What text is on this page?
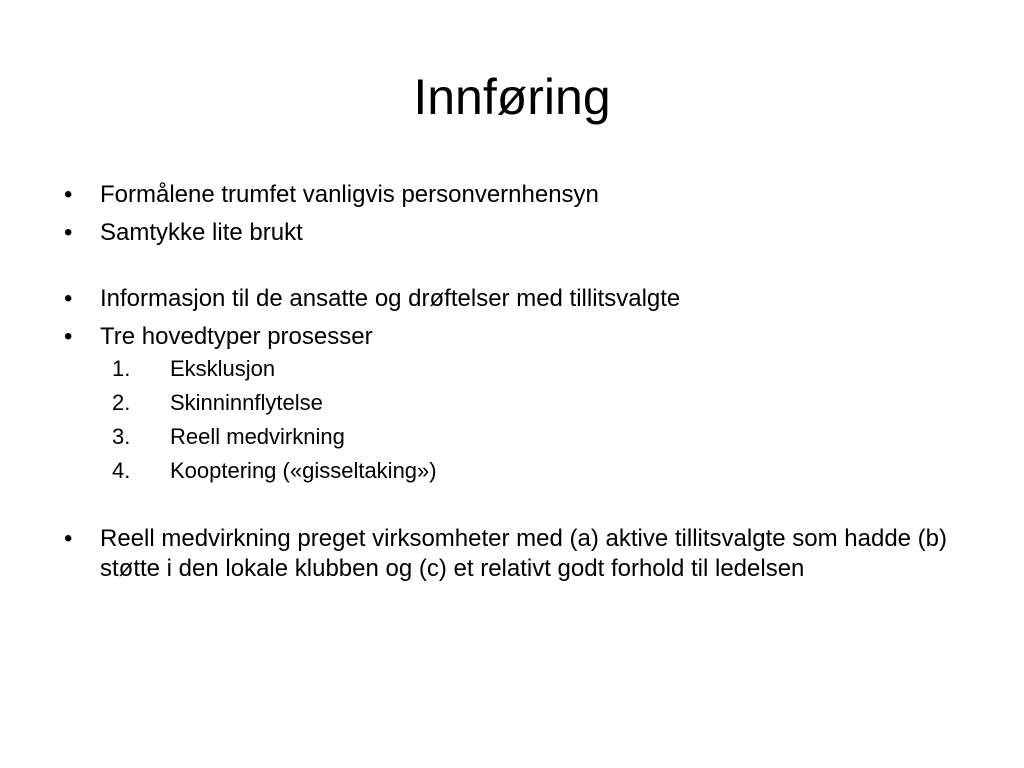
Innføring
• Formålene trumfet vanligvis personvernhensyn
• Samtykke lite brukt
• Informasjon til de ansatte og drøftelser med tillitsvalgte
• Tre hovedtyper prosesser
1. Eksklusjon
2. Skinninnflytelse
3. Reell medvirkning
4. Kooptering («gisseltaking»)
• Reell medvirkning preget virksomheter med (a) aktive tillitsvalgte som hadde (b) støtte i den lokale klubben og (c) et relativt godt forhold til ledelsen
